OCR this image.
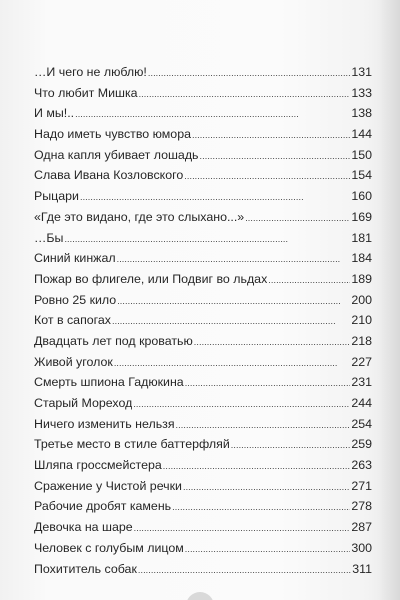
…И чего не люблю! . . .	131
Что любит Мишка . . .	133
И мы!.. . . .	138
Надо иметь чувство юмора . . .	144
Одна капля убивает лошадь . . .	150
Слава Ивана Козловского . . .	154
Рыцари . . .	160
«Где это видано, где это слыхано...» . . .	169
…Бы . . .	181
Синий кинжал . . .	184
Пожар во флигеле, или Подвиг во льдах . . .	189
Ровно 25 кило . . .	200
Кот в сапогах . . .	210
Двадцать лет под кроватью . . .	218
Живой уголок . . .	227
Смерть шпиона Гадюкина . . .	231
Старый Мореход . . .	244
Ничего изменить нельзя . . .	254
Третье место в стиле баттерфляй . . .	259
Шляпа гроссмейстера . . .	263
Сражение у Чистой речки . . .	271
Рабочие дробят камень . . .	278
Девочка на шаре . . .	287
Человек с голубым лицом . . .	300
Похититель собак . . .	311
